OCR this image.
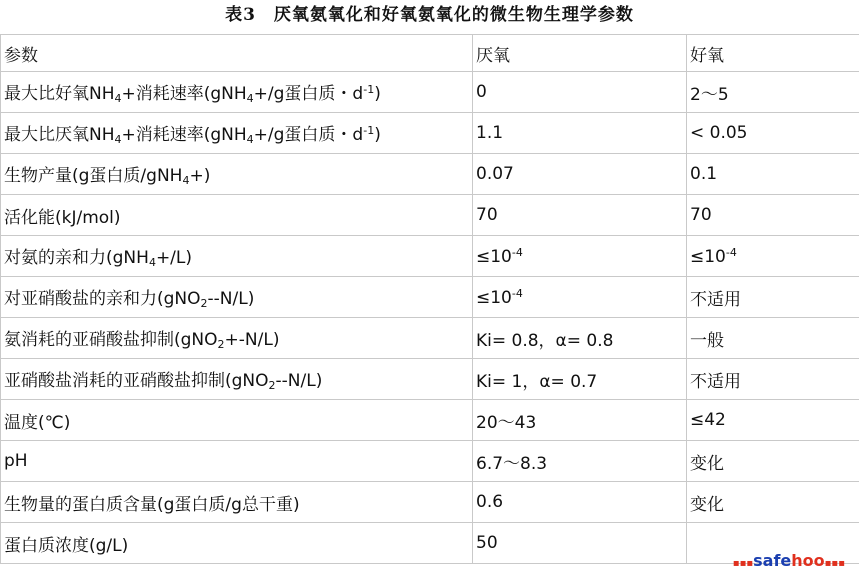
表3　厌氧氨氧化和好氧氨氧化的微生物生理学参数
参数	厌氧	好氧
最大比好氧$NH_4+$消耗速率(gNH$_4$+/g蛋白质・$d^{-1}$)	0	2～5
最大比厌氧$NH_4+$消耗速率(gNH$_4$+/g蛋白质・$d^{-1}$)	1.1	< 0.05
生物产量(g蛋白质/gNH$_4$+)	0.07	0.1
活化能(kJ/mol)	70	70
对氨的亲和力(gNH$_4$+/L)	$\le 10^{-4}$	$\le 10^{-4}$
对亚硝酸盐的亲和力(gNO$_2$--N/L)	$\le 10^{-4}$	不适用
氨消耗的亚硝酸盐抑制(gNO$_2$+-N/L)	Ki= 0.8，α= 0.8	一般
亚硝酸盐消耗的亚硝酸盐抑制(gNO$_2$--N/L)	Ki= 1，α= 0.7	不适用
温度(℃)	20～43	≤42
pH	6.7～8.3	变化
生物量的蛋白质含量(g蛋白质/g总干重)	0.6	变化
蛋白质浓度(g/L)	50	
▪▪▪safehoo▪▪▪
